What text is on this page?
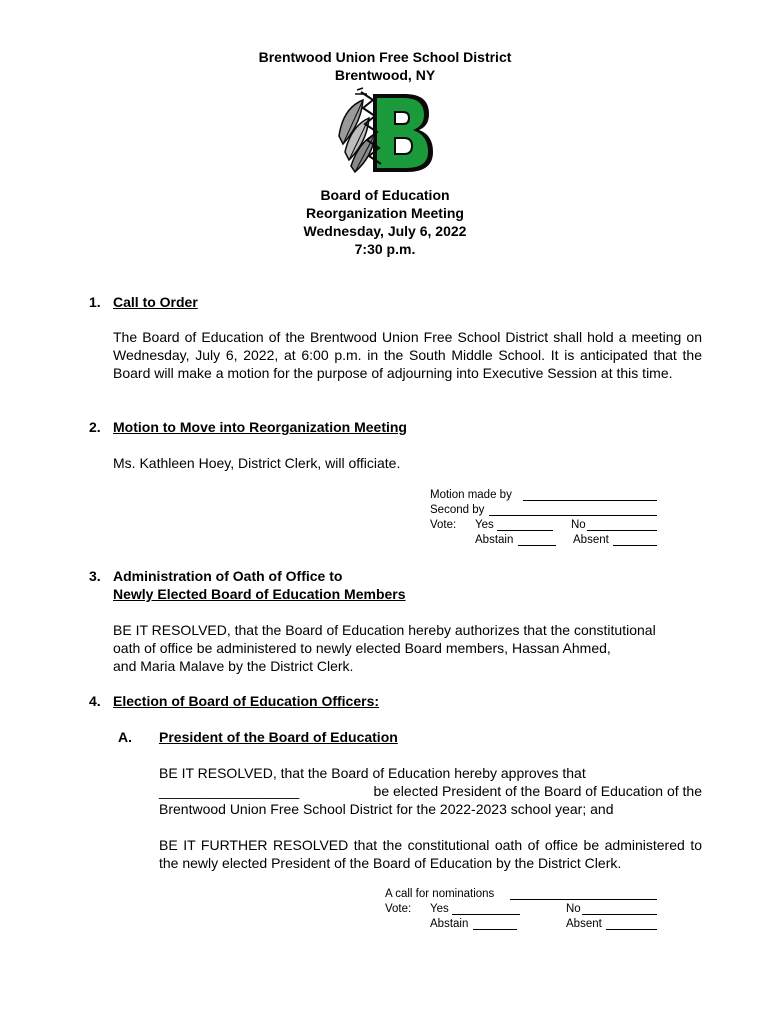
Brentwood Union Free School District
Brentwood, NY
Board of Education
Reorganization Meeting
Wednesday, July 6, 2022
7:30 p.m.
1. Call to Order
The Board of Education of the Brentwood Union Free School District shall hold a meeting on Wednesday, July 6, 2022, at 6:00 p.m. in the South Middle School. It is anticipated that the Board will make a motion for the purpose of adjourning into Executive Session at this time.
2. Motion to Move into Reorganization Meeting
Ms. Kathleen Hoey, District Clerk, will officiate.
Motion made by
Second by
Vote: Yes	No
Abstain	Absent
3. Administration of Oath of Office to
Newly Elected Board of Education Members
BE IT RESOLVED, that the Board of Education hereby authorizes that the constitutional
oath of office be administered to newly elected Board members, Hassan Ahmed,
and Maria Malave by the District Clerk.
4. Election of Board of Education Officers:
A. President of the Board of Education
BE IT RESOLVED, that the Board of Education hereby approves that
__________________	be elected President of the Board of Education of the
Brentwood Union Free School District for the 2022-2023 school year; and
BE IT FURTHER RESOLVED that the constitutional oath of office be administered to the newly elected President of the Board of Education by the District Clerk.
A call for nominations
Vote: Yes	No
Abstain	Absent
